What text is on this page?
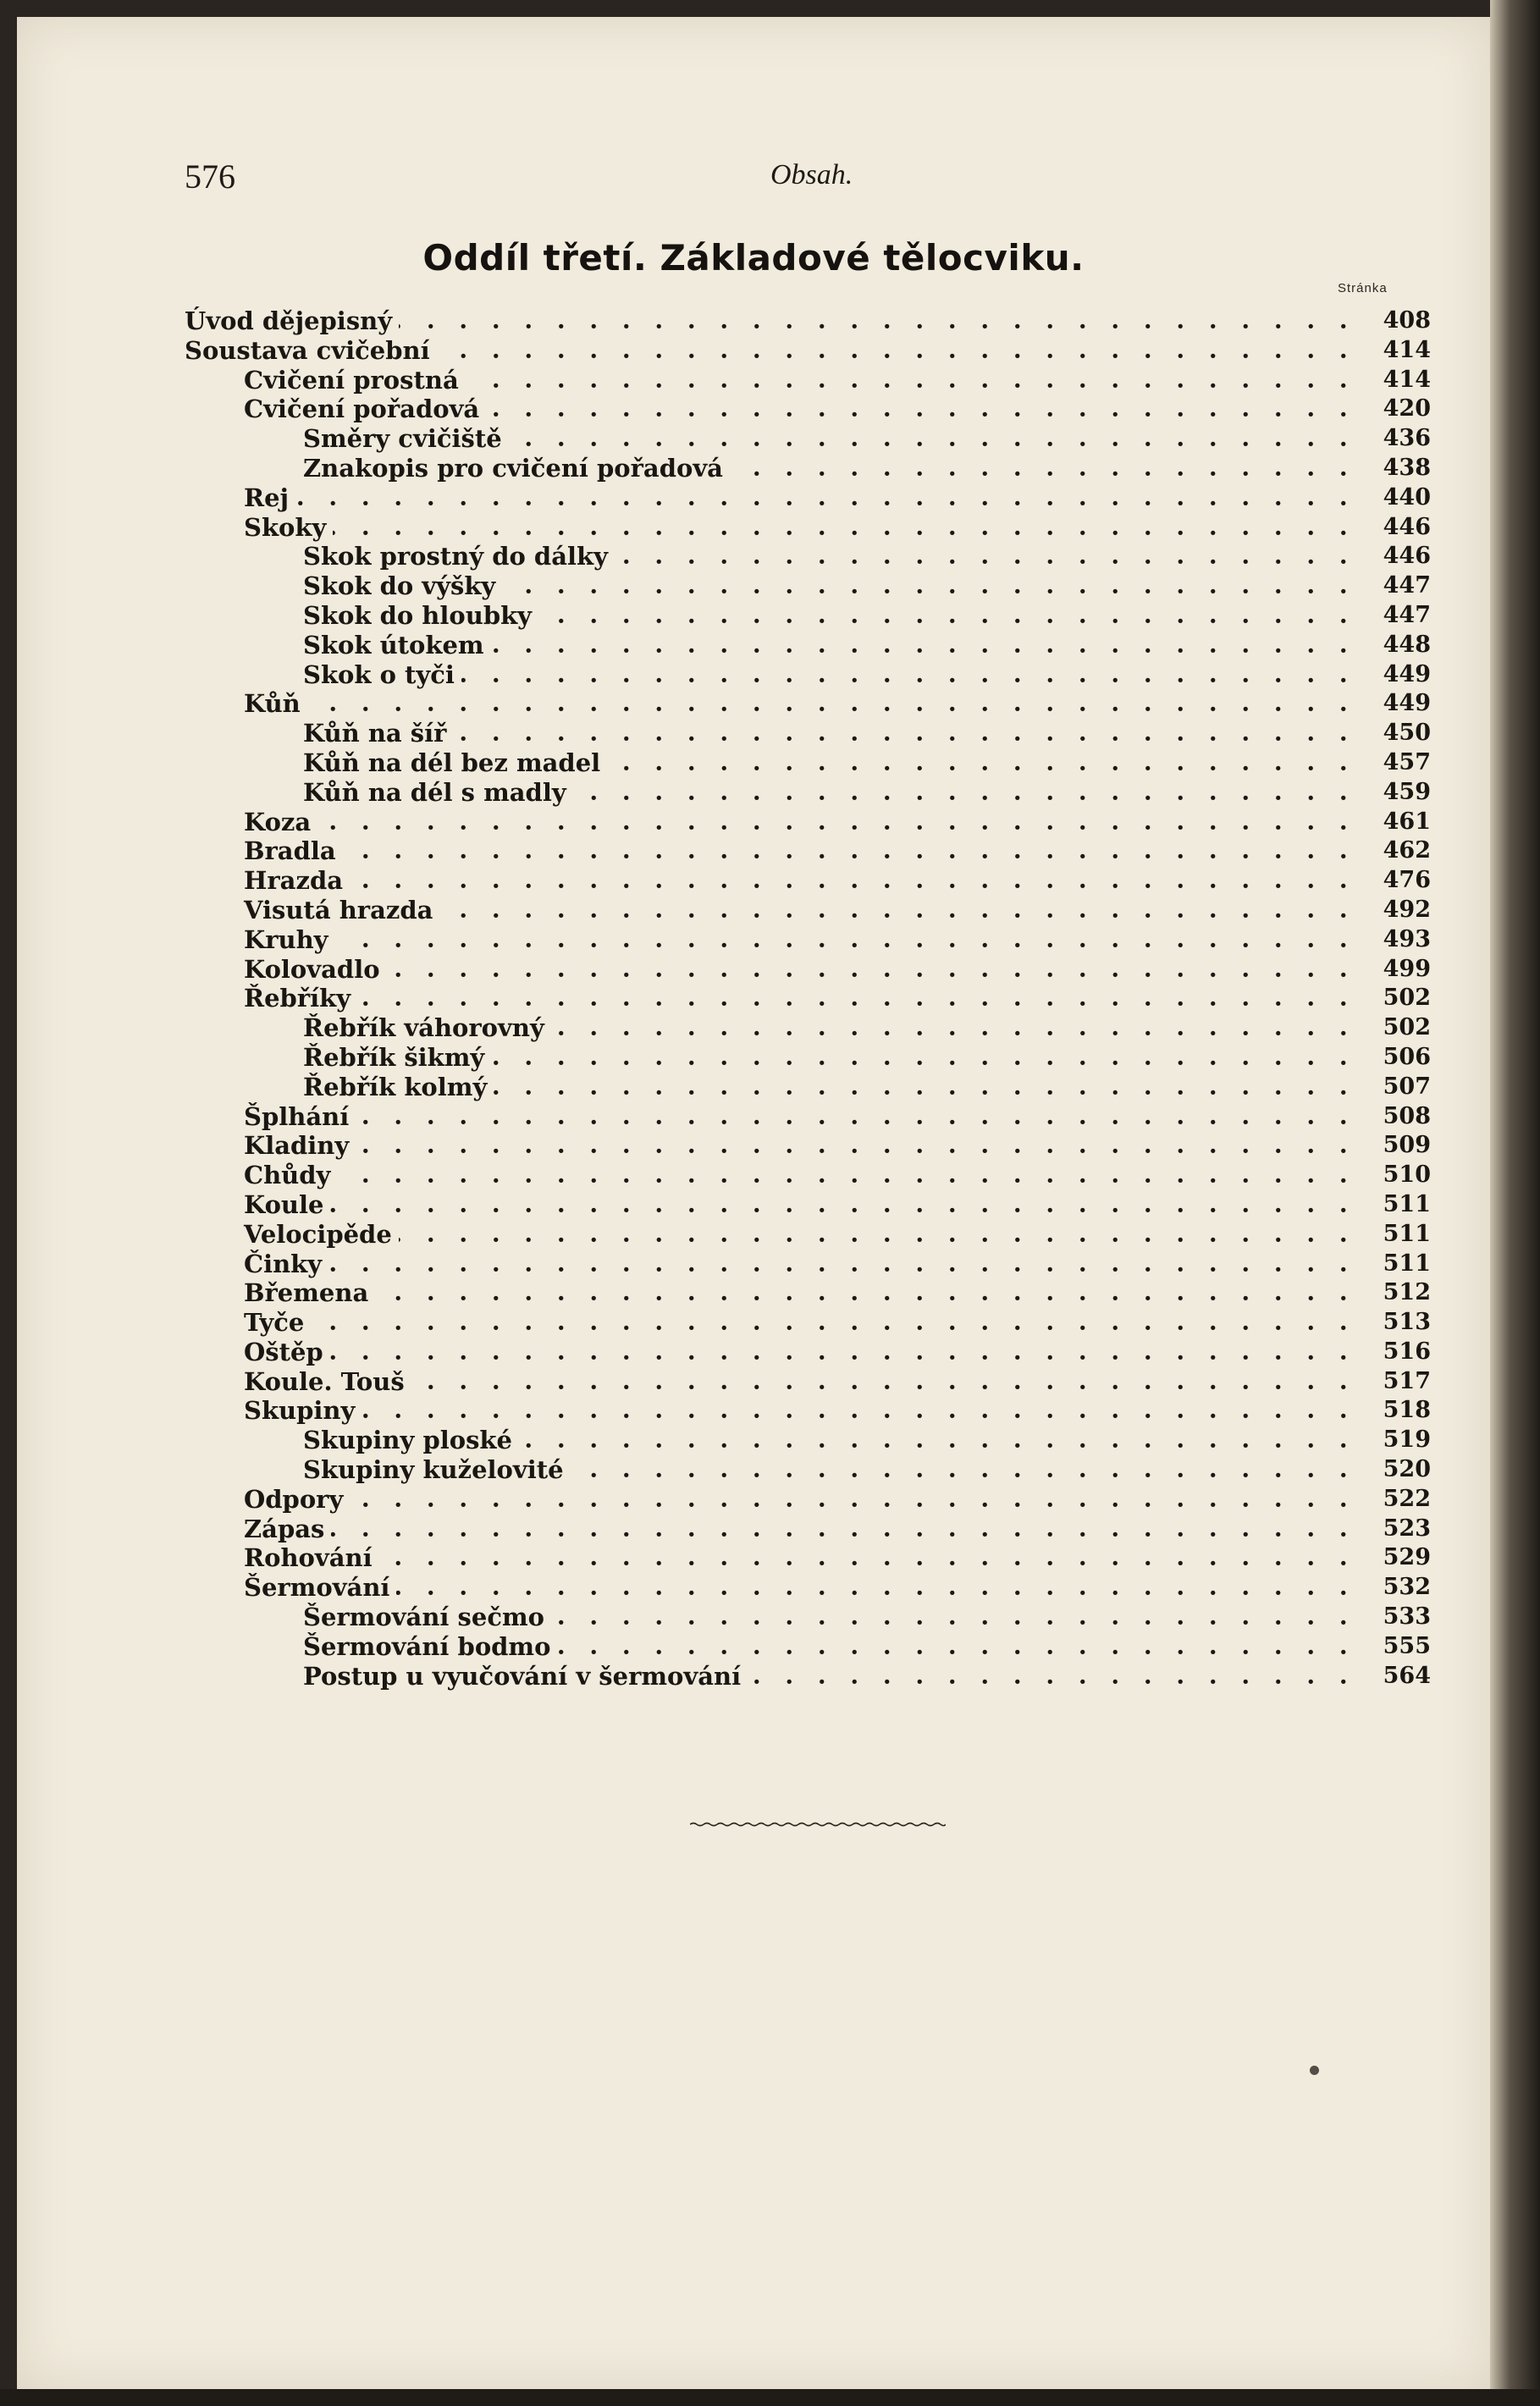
576	Obsah.
Oddíl třetí. Základové tělocviku.
Stránka
Úvod dějepisný	408
Soustava cvičební	414
Cvičení prostná	414
Cvičení pořadová	420
Směry cvičiště	436
Znakopis pro cvičení pořadová	438
Rej	440
Skoky	446
Skok prostný do dálky	446
Skok do výšky	447
Skok do hloubky	447
Skok útokem	448
Skok o tyči	449
Kůň	449
Kůň na šíř	450
Kůň na dél bez madel	457
Kůň na dél s madly	459
Koza	461
Bradla	462
Hrazda	476
Visutá hrazda	492
Kruhy	493
Kolovadlo	499
Řebříky	502
Řebřík váhorovný	502
Řebřík šikmý	506
Řebřík kolmý	507
Šplhání	508
Kladiny	509
Chůdy	510
Koule	511
Velocipěde	511
Činky	511
Břemena	512
Tyče	513
Oštěp	516
Koule. Touš	517
Skupiny	518
Skupiny ploské	519
Skupiny kuželovité	520
Odpory	522
Zápas	523
Rohování	529
Šermování	532
Šermování sečmo	533
Šermování bodmo	555
Postup u vyučování v šermování	564
